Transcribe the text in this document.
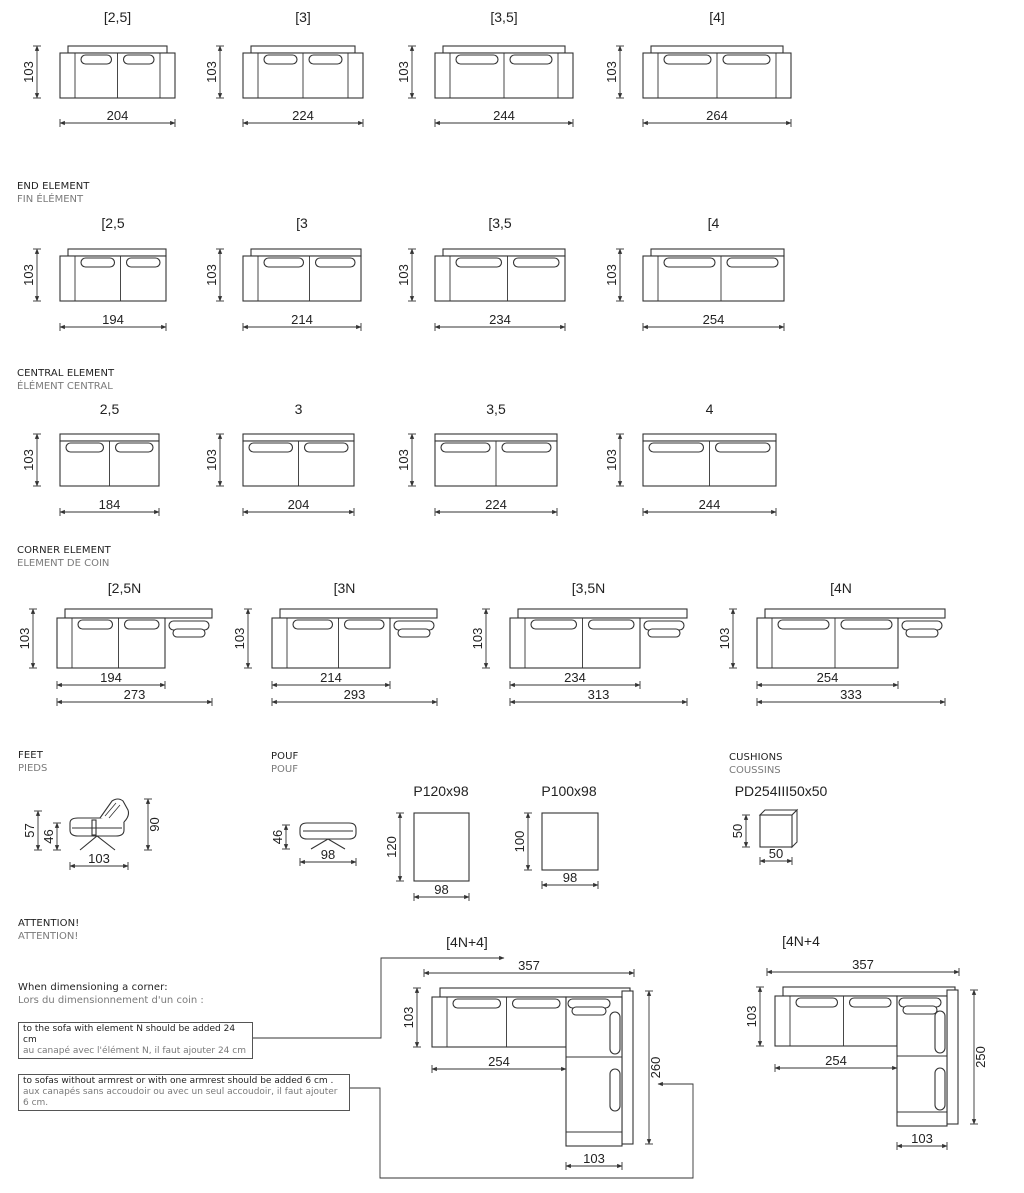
[2,5]
103
204
[3]
103
224
[3,5]
103
244
[4]
103
264
[2,5
103
194
[3
103
214
[3,5
103
234
[4
103
254
2,5
103
184
3
103
204
3,5
103
224
4
103
244
[2,5N
103
194
273
[3N
103
214
293
[3,5N
103
234
313
[4N
103
254
333
57 46
90
103
46
98
P120x98
120
98
P100x98
100
98
PD254III50x50
50
50
[4N+4]
357
103
254	260
103
[4N+4
357
103
254	250
103
END ELEMENT
FIN ÉLÉMENT
CENTRAL ELEMENT
ÉLÉMENT CENTRAL
CORNER ELEMENT
ELEMENT DE COIN
FEET
PIEDS
POUF
POUF
CUSHIONS
COUSSINS
ATTENTION!
ATTENTION!
When dimensioning a corner:
Lors du dimensionnement d'un coin :
to the sofa with element N should be added 24 cm
au canapé avec l'élément N, il faut ajouter 24 cm
to sofas without armrest or with one armrest should be added 6 cm .
aux canapés sans accoudoir ou avec un seul accoudoir, il faut ajouter 6 cm.
